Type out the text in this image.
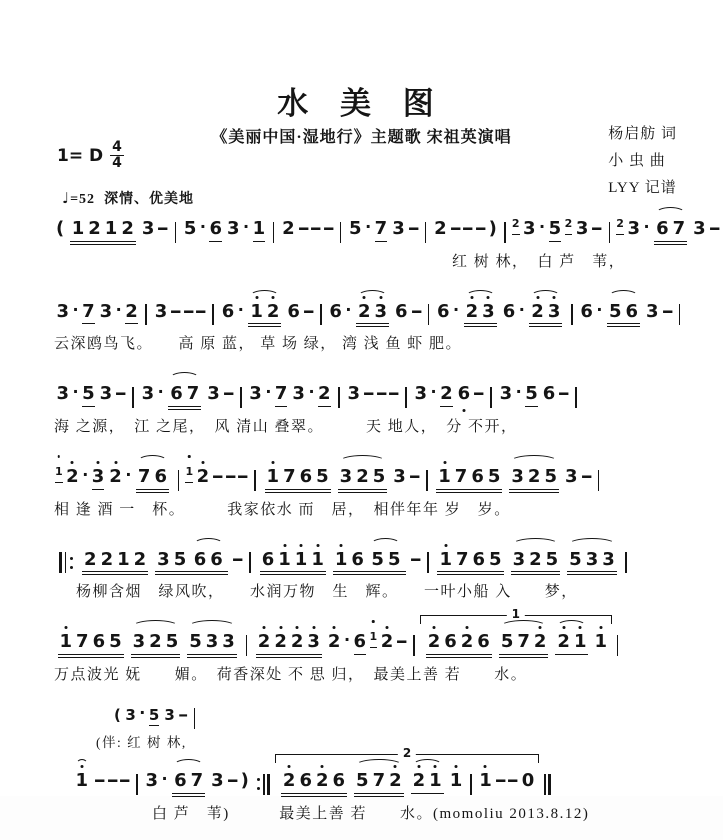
水 美 图
《美丽中国·湿地行》主题歌 宋祖英演唱	杨启舫 词
小 虫 曲
LYY 记谱
1= D $\frac{4}{4}$
♩=52 深情、优美地
( 1 2 1 2 3 - 5 · 6 3 · 1 2 --- 5 · 7 3 - 2 --- ) 2 3 · 5 2 3 - 2 3 · 6 7 3 -
红 树 林，　白 芦　苇，
3 · 7 3 · 2 3 --- 6 · 1 2 6 - 6 · 2 3 6 - 6 · 2 3 6 · 2 3 6 · 5 6 3 -
云深鸥鸟飞。　　高 原 蓝， 草 场 绿， 湾 浅 鱼 虾 肥。
3 · 5 3 - 3 · 6 7 3 - 3 · 7 3 · 2 3 --- 3 · 2 6 - 3 · 5 6 -
海 之源，　江 之尾，　风 清山 叠翠。　　　天 地人，　分 不开，
1 2 · 3 2 · 7 6 1 2 --- 1 7 6 5 3 2 5 3 - 1 7 6 5 3 2 5 3 -
相 逢 酒 一　杯。　　　我家依水 而　居，　相伴年年 岁　岁。
2 2 1 2 3 5 6 6 - 6 1 1 1 1 6 5 5 - 1 7 6 5 3 2 5 5 3 3
杨柳含烟　绿风吹，　　水润万物　生　辉。　　一叶小船 入　　梦，
1 7 6 5 3 2 5 5 3 3 2 2 2 3 2 · 6 1 2 -
1
2 6 2 6 5 7 2 2 1 1
万点波光 妩　　媚。　荷香深处 不 思 归，　最美上善 若　　水。
( 3 · 5 3 -
(伴: 红 树 林,
1 --- 3 · 6 7 3 - )
2
2 6 2 6 5 7 2 2 1 1 1 -- 0
白 芦　苇)　　　最美上善 若　　水。(momoliu 2013.8.12)
